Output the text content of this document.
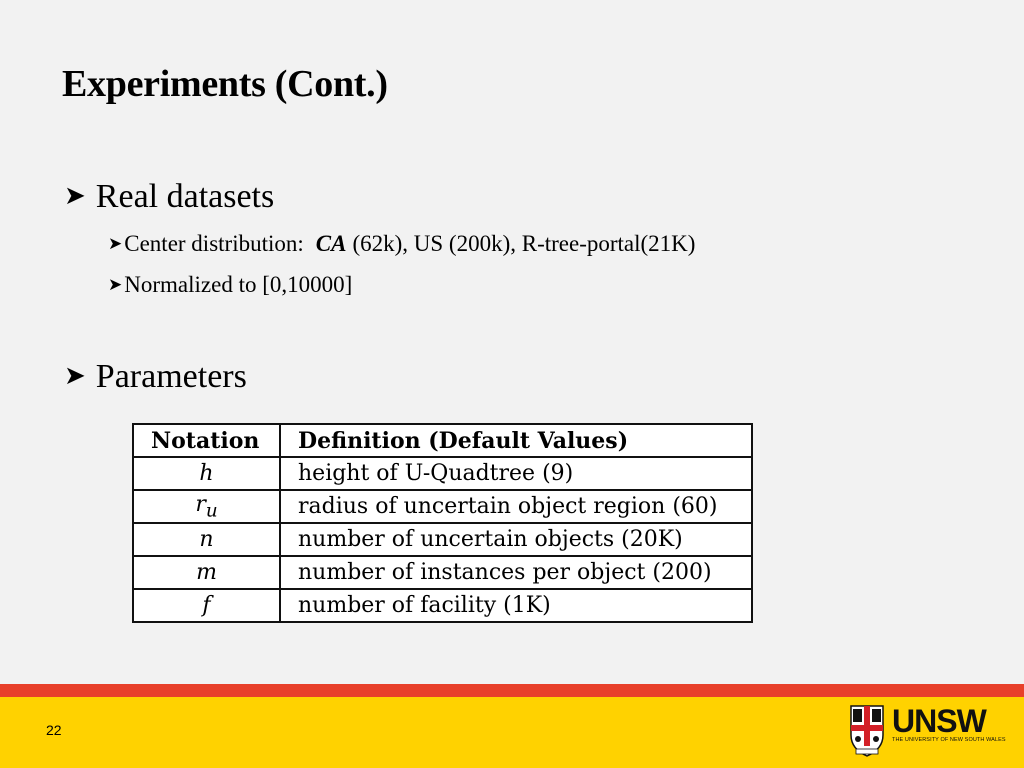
Experiments (Cont.)
➤ Real datasets
➤ Center distribution: CA (62k), US (200k), R-tree-portal(21K)
➤ Normalized to [0,10000]
➤ Parameters
Notation	Definition (Default Values)
h	height of U-Quadtree (9)
$r_u$	radius of uncertain object region (60)
n	number of uncertain objects (20K)
m	number of instances per object (200)
f	number of facility (1K)
22	UNSW
THE UNIVERSITY OF NEW SOUTH WALES
